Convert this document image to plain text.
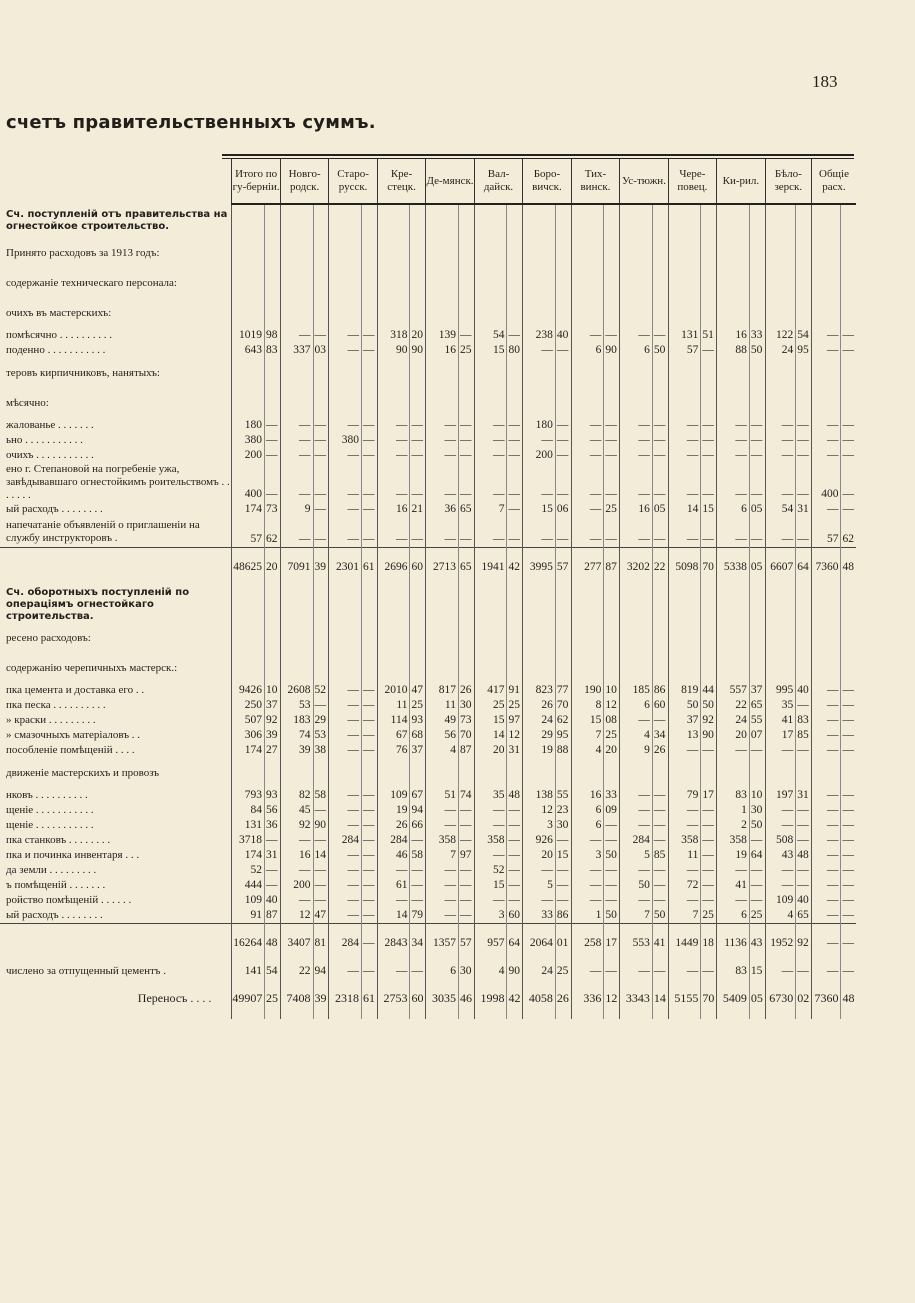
183
счетъ правительственныхъ суммъ.
	Итого по гу-берніи.		Новго-родск.		Старо-русск.		Кре-стецк.		Де-мянск.		Вал-дайск.		Боро-вичск.		Тих-винск.		Ус-тюжн.		Чере-повец.		Ки-рил.		Бѣло-зерск.		Общіе расх.	
Сч. поступленій отъ правительства на огнестойкое строительство.																										
Принято расходовъ за 1913 годъ:																										
содержаніе техническаго персонала:																										
очихъ въ мастерскихъ:																										
помѣсячно . . . . . . . . . .	1019	98	—	—	—	—	318	20	139	—	54	—	238	40	—	—	—	—	131	51	16	33	122	54	—	—
поденно . . . . . . . . . . .	643	83	337	03	—	—	90	90	16	25	15	80	—	—	6	90	6	50	57	—	88	50	24	95	—	—
теровъ кирпичниковъ, нанятыхъ:																										
мѣсячно:																										
жалованье . . . . . . .	180	—	—	—	—	—	—	—	—	—	—	—	180	—	—	—	—	—	—	—	—	—	—	—	—	—
ьно . . . . . . . . . . .	380	—	—	—	380	—	—	—	—	—	—	—	—	—	—	—	—	—	—	—	—	—	—	—	—	—
очихъ . . . . . . . . . . .	200	—	—	—	—	—	—	—	—	—	—	—	200	—	—	—	—	—	—	—	—	—	—	—	—	—
ено г. Степановой на погребеніе ужа, завѣдывавшаго огнестойкимъ роительствомъ . . . . . . .	400	—	—	—	—	—	—	—	—	—	—	—	—	—	—	—	—	—	—	—	—	—	—	—	400	—
ый расходъ . . . . . . . .	174	73	9	—	—	—	16	21	36	65	7	—	15	06	—	25	16	05	14	15	6	05	54	31	—	—
напечатаніе объявленій о приглашеніи на службу инструкторовъ .	57	62	—	—	—	—	—	—	—	—	—	—	—	—	—	—	—	—	—	—	—	—	—	—	57	62
	48625	20	7091	39	2301	61	2696	60	2713	65	1941	42	3995	57	277	87	3202	22	5098	70	5338	05	6607	64	7360	48
Сч. оборотныхъ поступленій по операціямъ огнестойкаго строительства.																										
ресено расходовъ:																										
содержанію черепичныхъ мастерск.:																										
пка цемента и доставка его . .	9426	10	2608	52	—	—	2010	47	817	26	417	91	823	77	190	10	185	86	819	44	557	37	995	40	—	—
пка песка . . . . . . . . . .	250	37	53	—	—	—	11	25	11	30	25	25	26	70	8	12	6	60	50	50	22	65	35	—	—	—
» краски . . . . . . . . .	507	92	183	29	—	—	114	93	49	73	15	97	24	62	15	08	—	—	37	92	24	55	41	83	—	—
» смазочныхъ матеріаловъ . .	306	39	74	53	—	—	67	68	56	70	14	12	29	95	7	25	4	34	13	90	20	07	17	85	—	—
пособленіе помѣщеній . . . .	174	27	39	38	—	—	76	37	4	87	20	31	19	88	4	20	9	26	—	—	—	—	—	—	—	—
движеніе мастерскихъ и провозъ																										
нковъ . . . . . . . . . .	793	93	82	58	—	—	109	67	51	74	35	48	138	55	16	33	—	—	79	17	83	10	197	31	—	—
щеніе . . . . . . . . . . .	84	56	45	—	—	—	19	94	—	—	—	—	12	23	6	09	—	—	—	—	1	30	—	—	—	—
щеніе . . . . . . . . . . .	131	36	92	90	—	—	26	66	—	—	—	—	3	30	6	—	—	—	—	—	2	50	—	—	—	—
пка станковъ . . . . . . . .	3718	—	—	—	284	—	284	—	358	—	358	—	926	—	—	—	284	—	358	—	358	—	508	—	—	—
пка и починка инвентаря . . .	174	31	16	14	—	—	46	58	7	97	—	—	20	15	3	50	5	85	11	—	19	64	43	48	—	—
да земли . . . . . . . . .	52	—	—	—	—	—	—	—	—	—	52	—	—	—	—	—	—	—	—	—	—	—	—	—	—	—
ъ помѣщеній . . . . . . .	444	—	200	—	—	—	61	—	—	—	15	—	5	—	—	—	50	—	72	—	41	—	—	—	—	—
ройство помѣщеній . . . . . .	109	40	—	—	—	—	—	—	—	—	—	—	—	—	—	—	—	—	—	—	—	—	109	40	—	—
ый расходъ . . . . . . . .	91	87	12	47	—	—	14	79	—	—	3	60	33	86	1	50	7	50	7	25	6	25	4	65	—	—
	16264	48	3407	81	284	—	2843	34	1357	57	957	64	2064	01	258	17	553	41	1449	18	1136	43	1952	92	—	—
числено за отпущенный цементъ .	141	54	22	94	—	—	—	—	6	30	4	90	24	25	—	—	—	—	—	—	83	15	—	—	—	—
Переносъ . . . .	49907	25	7408	39	2318	61	2753	60	3035	46	1998	42	4058	26	336	12	3343	14	5155	70	5409	05	6730	02	7360	48
